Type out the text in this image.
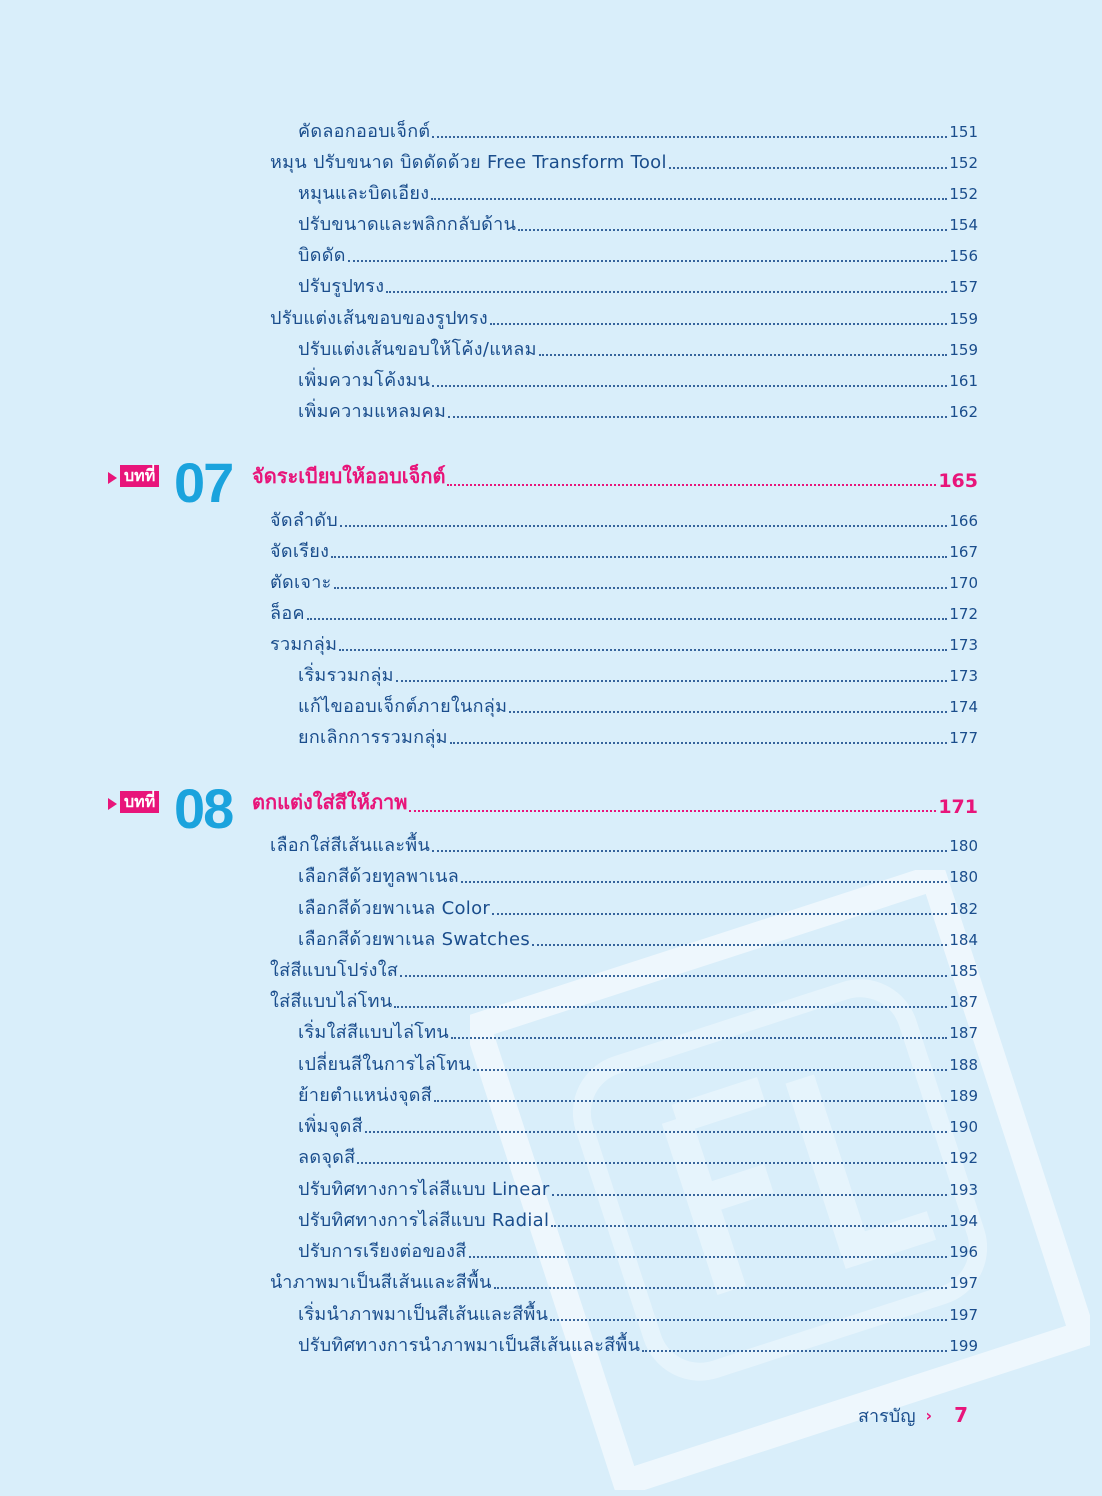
คัดลอกออบเจ็กต์	151
หมุน ปรับขนาด บิดดัดด้วย Free Transform Tool	152
หมุนและบิดเอียง	152
ปรับขนาดและพลิกกลับด้าน	154
บิดดัด	156
ปรับรูปทรง	157
ปรับแต่งเส้นขอบของรูปทรง	159
ปรับแต่งเส้นขอบให้โค้ง/แหลม	159
เพิ่มความโค้งมน	161
เพิ่มความแหลมคม	162
บทที่ 07 จัดระเบียบให้ออบเจ็กต์	165
จัดลำดับ	166
จัดเรียง	167
ตัดเจาะ	170
ล็อค	172
รวมกลุ่ม	173
เริ่มรวมกลุ่ม	173
แก้ไขออบเจ็กต์ภายในกลุ่ม	174
ยกเลิกการรวมกลุ่ม	177
บทที่ 08 ตกแต่งใส่สีให้ภาพ	171
เลือกใส่สีเส้นและพื้น	180
เลือกสีด้วยทูลพาเนล	180
เลือกสีด้วยพาเนล Color	182
เลือกสีด้วยพาเนล Swatches	184
ใส่สีแบบโปร่งใส	185
ใส่สีแบบไล่โทน	187
เริ่มใส่สีแบบไล่โทน	187
เปลี่ยนสีในการไล่โทน	188
ย้ายตำแหน่งจุดสี	189
เพิ่มจุดสี	190
ลดจุดสี	192
ปรับทิศทางการไล่สีแบบ Linear	193
ปรับทิศทางการไล่สีแบบ Radial	194
ปรับการเรียงต่อของสี	196
นำภาพมาเป็นสีเส้นและสีพื้น	197
เริ่มนำภาพมาเป็นสีเส้นและสีพื้น	197
ปรับทิศทางการนำภาพมาเป็นสีเส้นและสีพื้น	199
สารบัญ › 7
